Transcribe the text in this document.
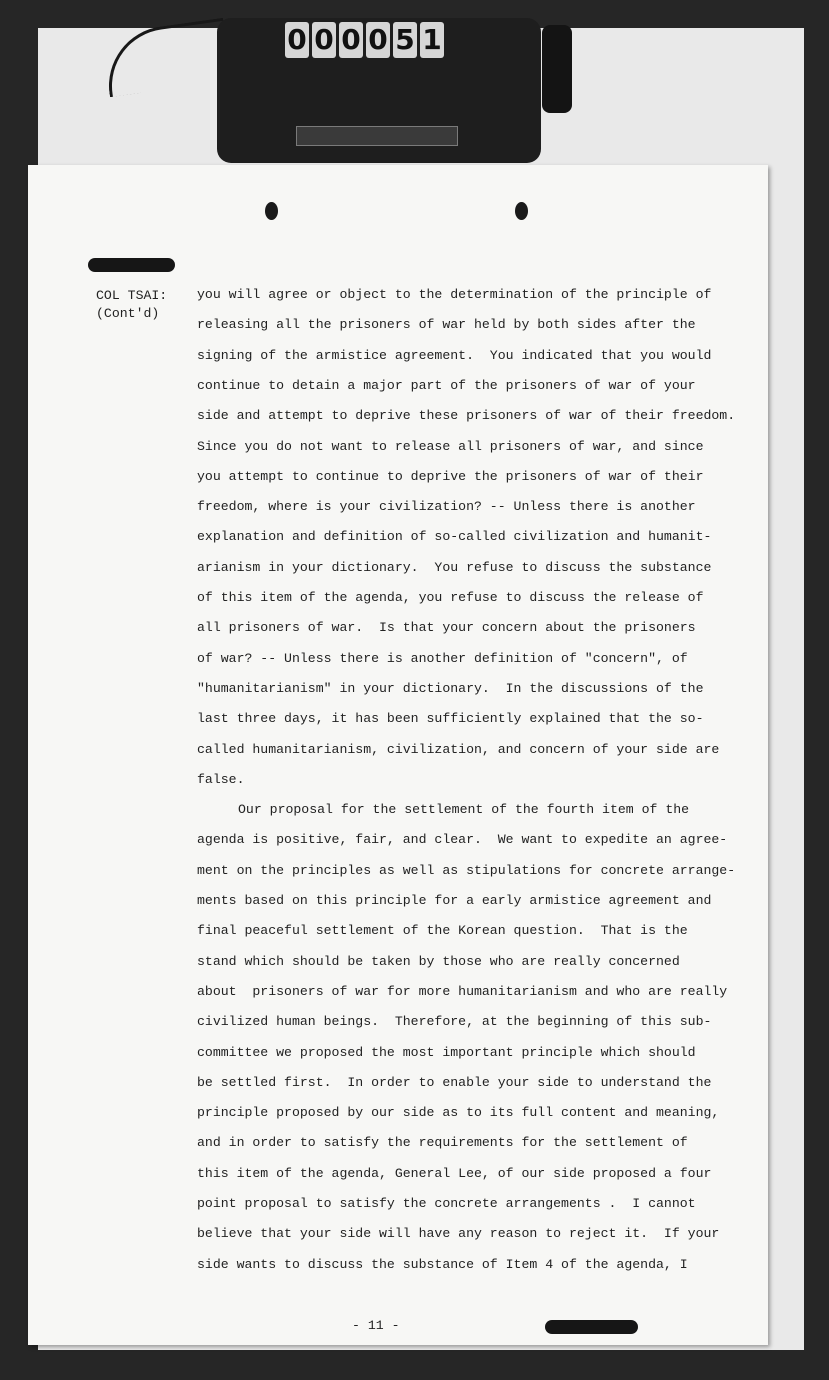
0 0 0 0 5 1
COL TSAI:
(Cont'd)
you will agree or object to the determination of the principle of
releasing all the prisoners of war held by both sides after the
signing of the armistice agreement.  You indicated that you would
continue to detain a major part of the prisoners of war of your
side and attempt to deprive these prisoners of war of their freedom.
Since you do not want to release all prisoners of war, and since
you attempt to continue to deprive the prisoners of war of their
freedom, where is your civilization? -- Unless there is another
explanation and definition of so-called civilization and humanit-
arianism in your dictionary.  You refuse to discuss the substance
of this item of the agenda, you refuse to discuss the release of
all prisoners of war.  Is that your concern about the prisoners
of war? -- Unless there is another definition of "concern", of
"humanitarianism" in your dictionary.  In the discussions of the
last three days, it has been sufficiently explained that the so-
called humanitarianism, civilization, and concern of your side are
false.
Our proposal for the settlement of the fourth item of the
agenda is positive, fair, and clear.  We want to expedite an agree-
ment on the principles as well as stipulations for concrete arrange-
ments based on this principle for a early armistice agreement and
final peaceful settlement of the Korean question.  That is the
stand which should be taken by those who are really concerned
about  prisoners of war for more humanitarianism and who are really
civilized human beings.  Therefore, at the beginning of this sub-
committee we proposed the most important principle which should
be settled first.  In order to enable your side to understand the
principle proposed by our side as to its full content and meaning,
and in order to satisfy the requirements for the settlement of
this item of the agenda, General Lee, of our side proposed a four
point proposal to satisfy the concrete arrangements .  I cannot
believe that your side will have any reason to reject it.  If your
side wants to discuss the substance of Item 4 of the agenda, I
- 11 -
